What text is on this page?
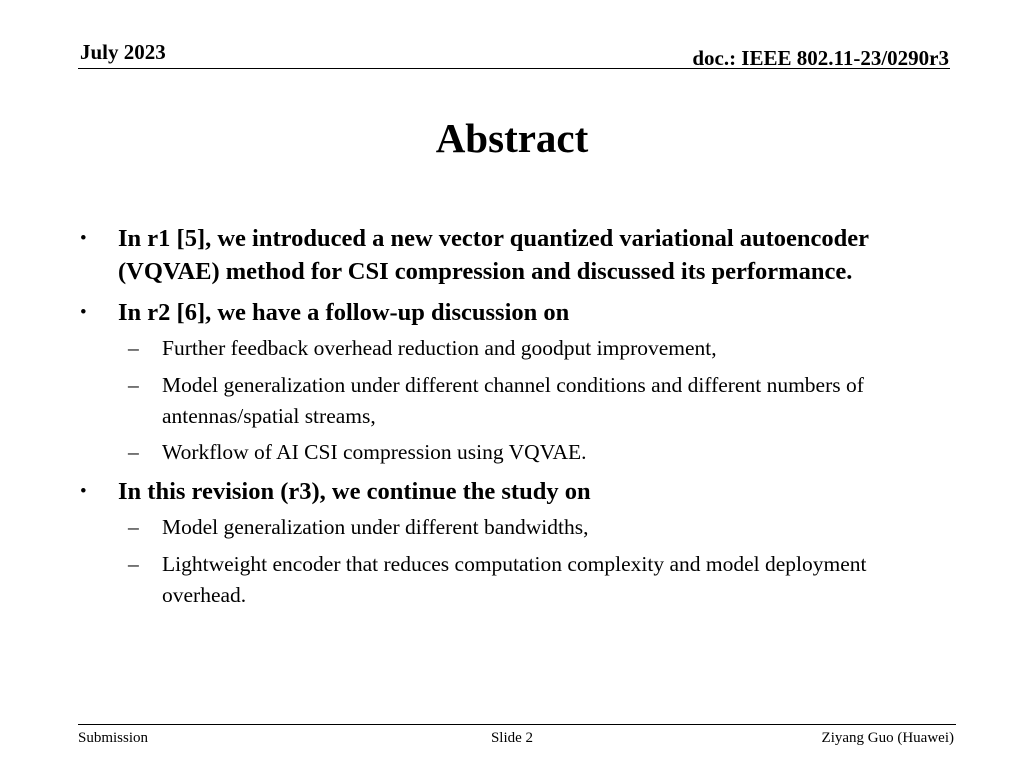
July 2023	doc.: IEEE 802.11-23/0290r3
Abstract
• In r1 [5], we introduced a new vector quantized variational autoencoder (VQVAE) method for CSI compression and discussed its performance.
• In r2 [6], we have a follow-up discussion on
– Further feedback overhead reduction and goodput improvement,
– Model generalization under different channel conditions and different numbers of antennas/spatial streams,
– Workflow of AI CSI compression using VQVAE.
• In this revision (r3), we continue the study on
– Model generalization under different bandwidths,
– Lightweight encoder that reduces computation complexity and model deployment overhead.
Submission	Slide 2	Ziyang Guo (Huawei)
